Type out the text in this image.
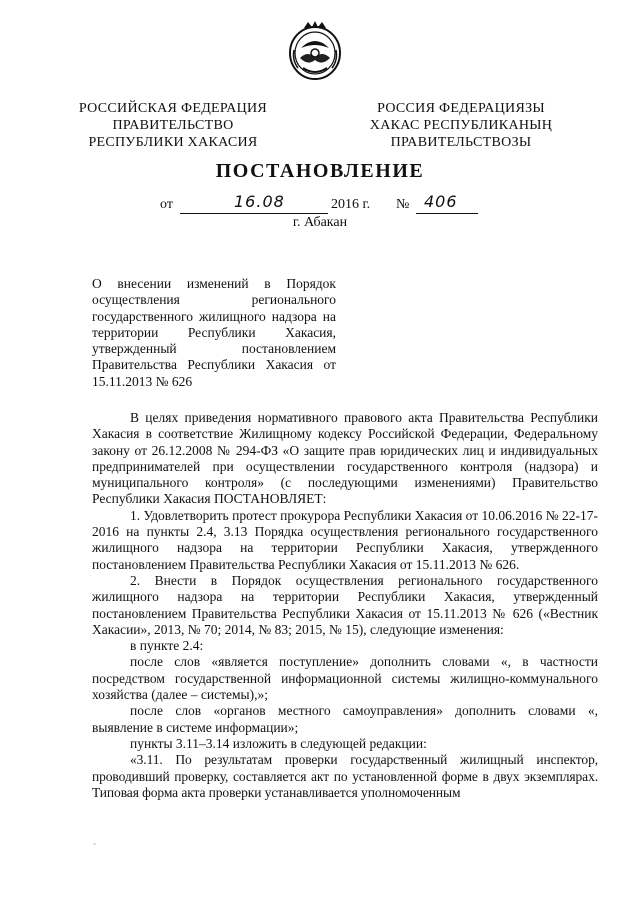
РОССИЙСКАЯ ФЕДЕРАЦИЯ
ПРАВИТЕЛЬСТВО
РЕСПУБЛИКИ ХАКАСИЯ
РОССИЯ ФЕДЕРАЦИЯЗЫ
ХАКАС РЕСПУБЛИКАНЫҢ
ПРАВИТЕЛЬСТВОЗЫ
ПОСТАНОВЛЕНИЕ
от	16.08	2016 г. № 406
г. Абакан
О внесении изменений в Порядок осуществления регионального государственного жилищного надзора на территории Республики Хакасия, утвержденный постановлением Правительства Республики Хакасия от 15.11.2013 № 626

В целях приведения нормативного правового акта Правительства Республики Хакасия в соответствие Жилищному кодексу Российской Федерации, Федеральному закону от 26.12.2008 № 294-ФЗ «О защите прав юридических лиц и индивидуальных предпринимателей при осуществлении государственного контроля (надзора) и муниципального контроля» (с последующими изменениями) Правительство Республики Хакасия ПОСТАНОВЛЯЕТ:

1. Удовлетворить протест прокурора Республики Хакасия от 10.06.2016 № 22-17-2016 на пункты 2.4, 3.13 Порядка осуществления регионального государственного жилищного надзора на территории Республики Хакасия, утвержденного постановлением Правительства Республики Хакасия от 15.11.2013 № 626.

2. Внести в Порядок осуществления регионального государственного жилищного надзора на территории Республики Хакасия, утвержденный постановлением Правительства Республики Хакасия от 15.11.2013 № 626 («Вестник Хакасии», 2013, № 70; 2014, № 83; 2015, № 15), следующие изменения:

в пункте 2.4:

после слов «является поступление» дополнить словами «, в частности посредством государственной информационной системы жилищно-коммунального хозяйства (далее – системы),»;

после слов «органов местного самоуправления» дополнить словами «, выявление в системе информации»;

пункты 3.11–3.14 изложить в следующей редакции:

«3.11. По результатам проверки государственный жилищный инспектор, проводивший проверку, составляется акт по установленной форме в двух экземплярах. Типовая форма акта проверки устанавливается уполномоченным

`
